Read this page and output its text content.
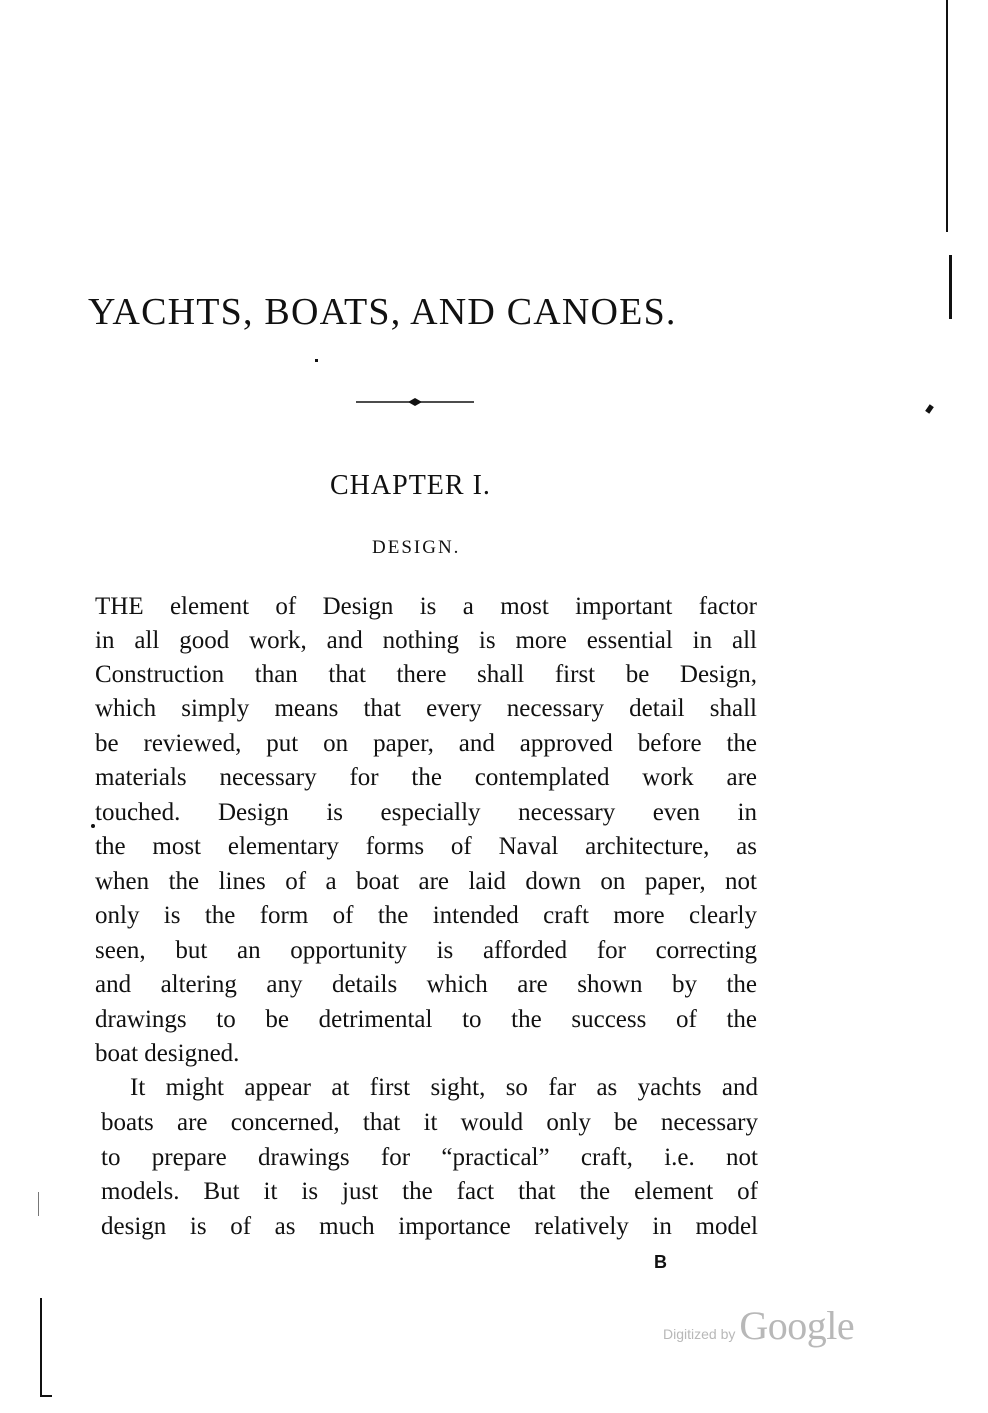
YACHTS, BOATS, AND CANOES.
CHAPTER I.
DESIGN.
THE element of Design is a most important factor
in all good work, and nothing is more essential in all
Construction than that there shall first be Design,
which simply means that every necessary detail shall
be reviewed, put on paper, and approved before the
materials necessary for the contemplated work are
touched. Design is especially necessary even in
the most elementary forms of Naval architecture, as
when the lines of a boat are laid down on paper, not
only is the form of the intended craft more clearly
seen, but an opportunity is afforded for correcting
and altering any details which are shown by the
drawings to be detrimental to the success of the
boat designed.
It might appear at first sight, so far as yachts and
boats are concerned, that it would only be necessary
to prepare drawings for “practical” craft, i.e. not
models. But it is just the fact that the element of
design is of as much importance relatively in model
B
Digitized by Google
